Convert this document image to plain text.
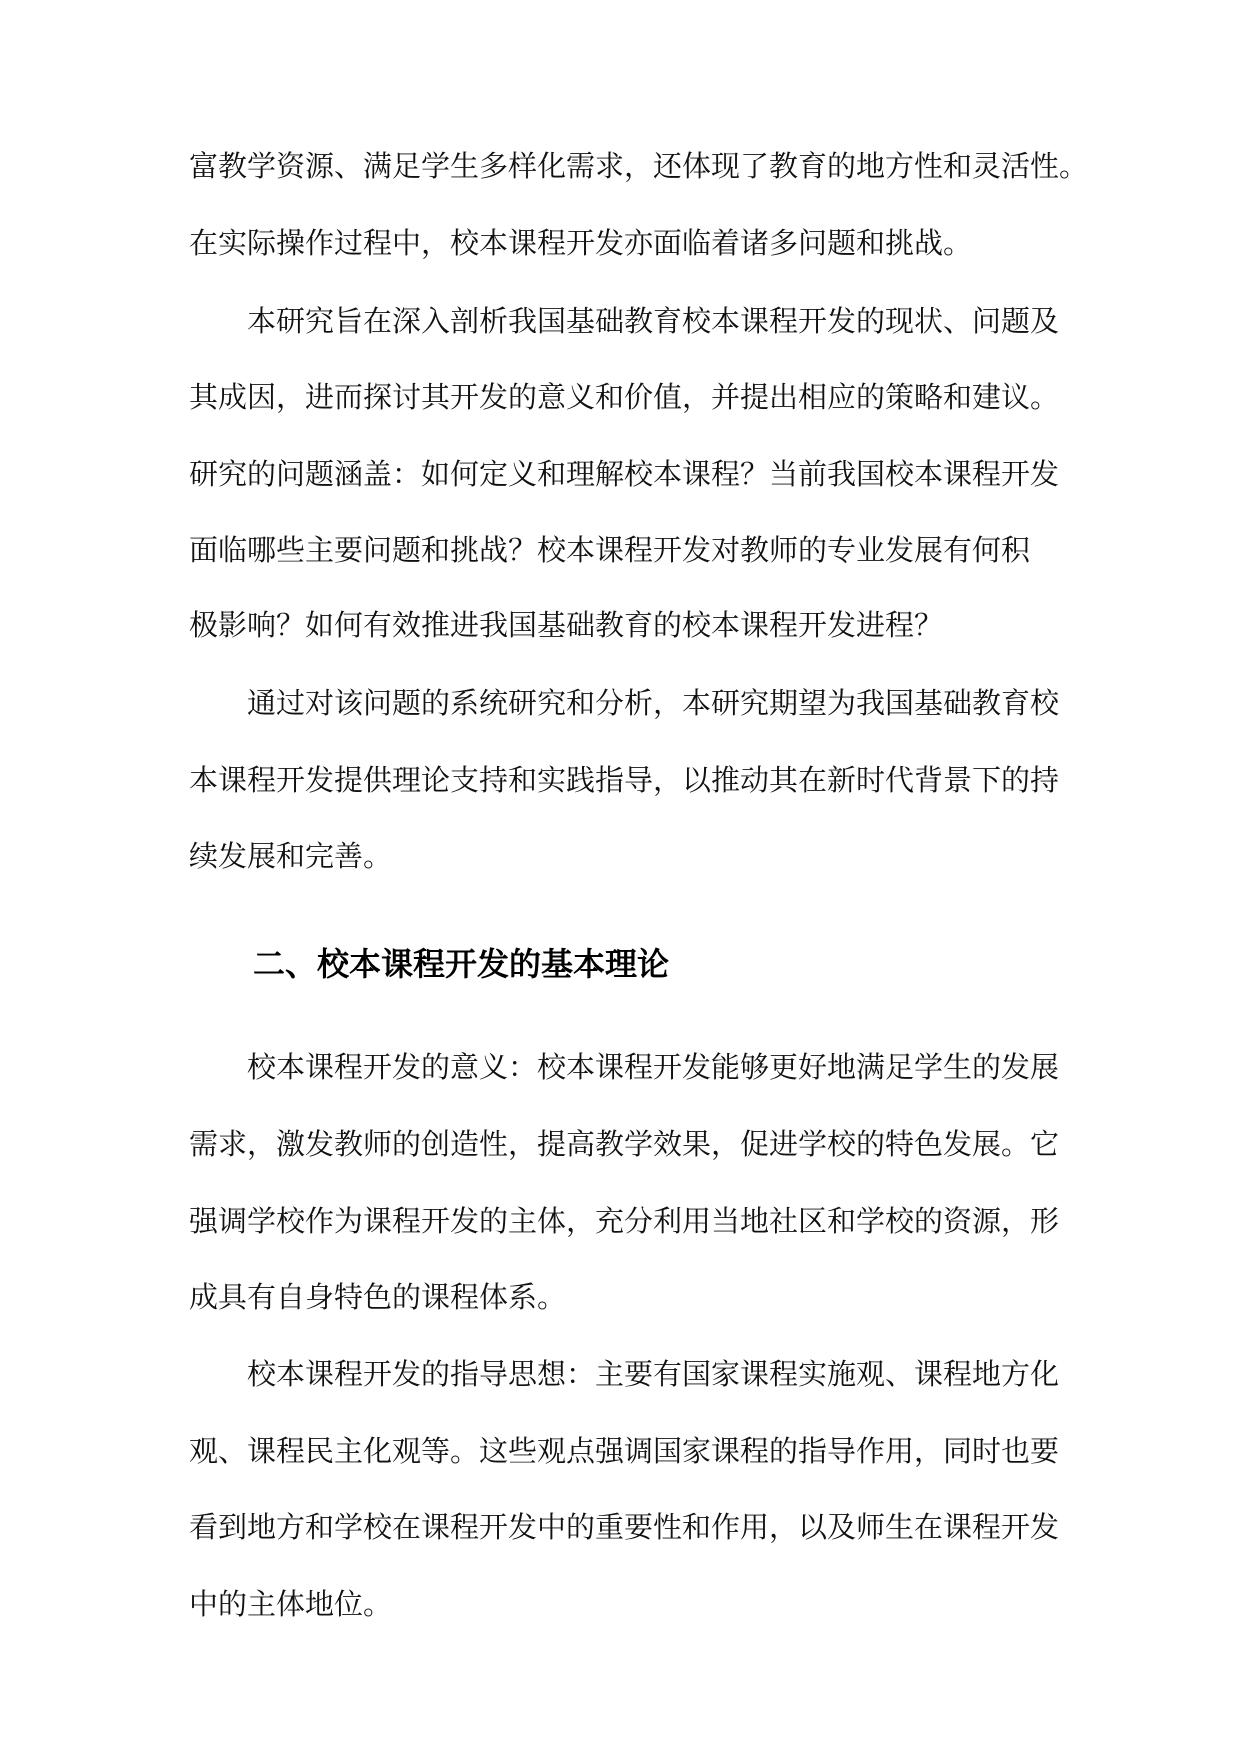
富教学资源、满足学生多样化需求，还体现了教育的地方性和灵活性。
在实际操作过程中，校本课程开发亦面临着诸多问题和挑战。
本研究旨在深入剖析我国基础教育校本课程开发的现状、问题及
其成因，进而探讨其开发的意义和价值，并提出相应的策略和建议。
研究的问题涵盖：如何定义和理解校本课程？当前我国校本课程开发
面临哪些主要问题和挑战？校本课程开发对教师的专业发展有何积
极影响？如何有效推进我国基础教育的校本课程开发进程？
通过对该问题的系统研究和分析，本研究期望为我国基础教育校
本课程开发提供理论支持和实践指导，以推动其在新时代背景下的持
续发展和完善。
二、校本课程开发的基本理论
校本课程开发的意义：校本课程开发能够更好地满足学生的发展
需求，激发教师的创造性，提高教学效果，促进学校的特色发展。它
强调学校作为课程开发的主体，充分利用当地社区和学校的资源，形
成具有自身特色的课程体系。
校本课程开发的指导思想：主要有国家课程实施观、课程地方化
观、课程民主化观等。这些观点强调国家课程的指导作用，同时也要
看到地方和学校在课程开发中的重要性和作用，以及师生在课程开发
中的主体地位。
